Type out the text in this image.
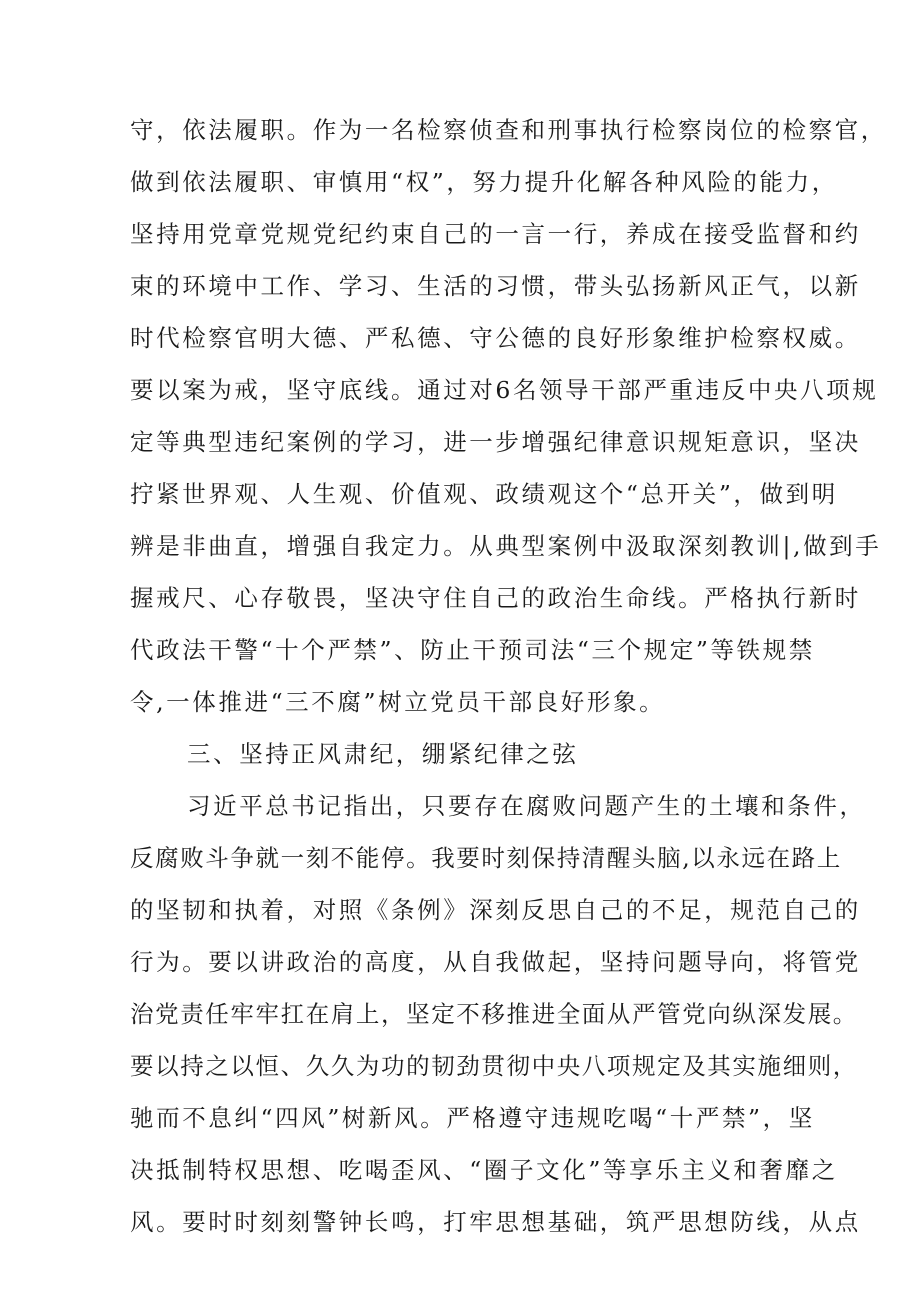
守，依法履职。作为一名检察侦查和刑事执行检察岗位的检察官，
做到依法履职、审慎用“权”，努力提升化解各种风险的能力，
坚持用党章党规党纪约束自己的一言一行，养成在接受监督和约
束的环境中工作、学习、生活的习惯，带头弘扬新风正气，以新
时代检察官明大德、严私德、守公德的良好形象维护检察权威。
要以案为戒，坚守底线。通过对6名领导干部严重违反中央八项规
定等典型违纪案例的学习，进一步增强纪律意识规矩意识，坚决
拧紧世界观、人生观、价值观、政绩观这个“总开关”，做到明
辨是非曲直，增强自我定力。从典型案例中汲取深刻教训|,做到手
握戒尺、心存敬畏，坚决守住自己的政治生命线。严格执行新时
代政法干警“十个严禁”、防止干预司法“三个规定”等铁规禁
令,一体推进“三不腐”树立党员干部良好形象。
三、坚持正风肃纪，绷紧纪律之弦
习近平总书记指出，只要存在腐败问题产生的土壤和条件，
反腐败斗争就一刻不能停。我要时刻保持清醒头脑,以永远在路上
的坚韧和执着，对照《条例》深刻反思自己的不足，规范自己的
行为。要以讲政治的高度，从自我做起，坚持问题导向，将管党
治党责任牢牢扛在肩上，坚定不移推进全面从严管党向纵深发展。
要以持之以恒、久久为功的韧劲贯彻中央八项规定及其实施细则，
驰而不息纠“四风”树新风。严格遵守违规吃喝“十严禁”，坚
决抵制特权思想、吃喝歪风、“圈子文化”等享乐主义和奢靡之
风。要时时刻刻警钟长鸣，打牢思想基础，筑严思想防线，从点
